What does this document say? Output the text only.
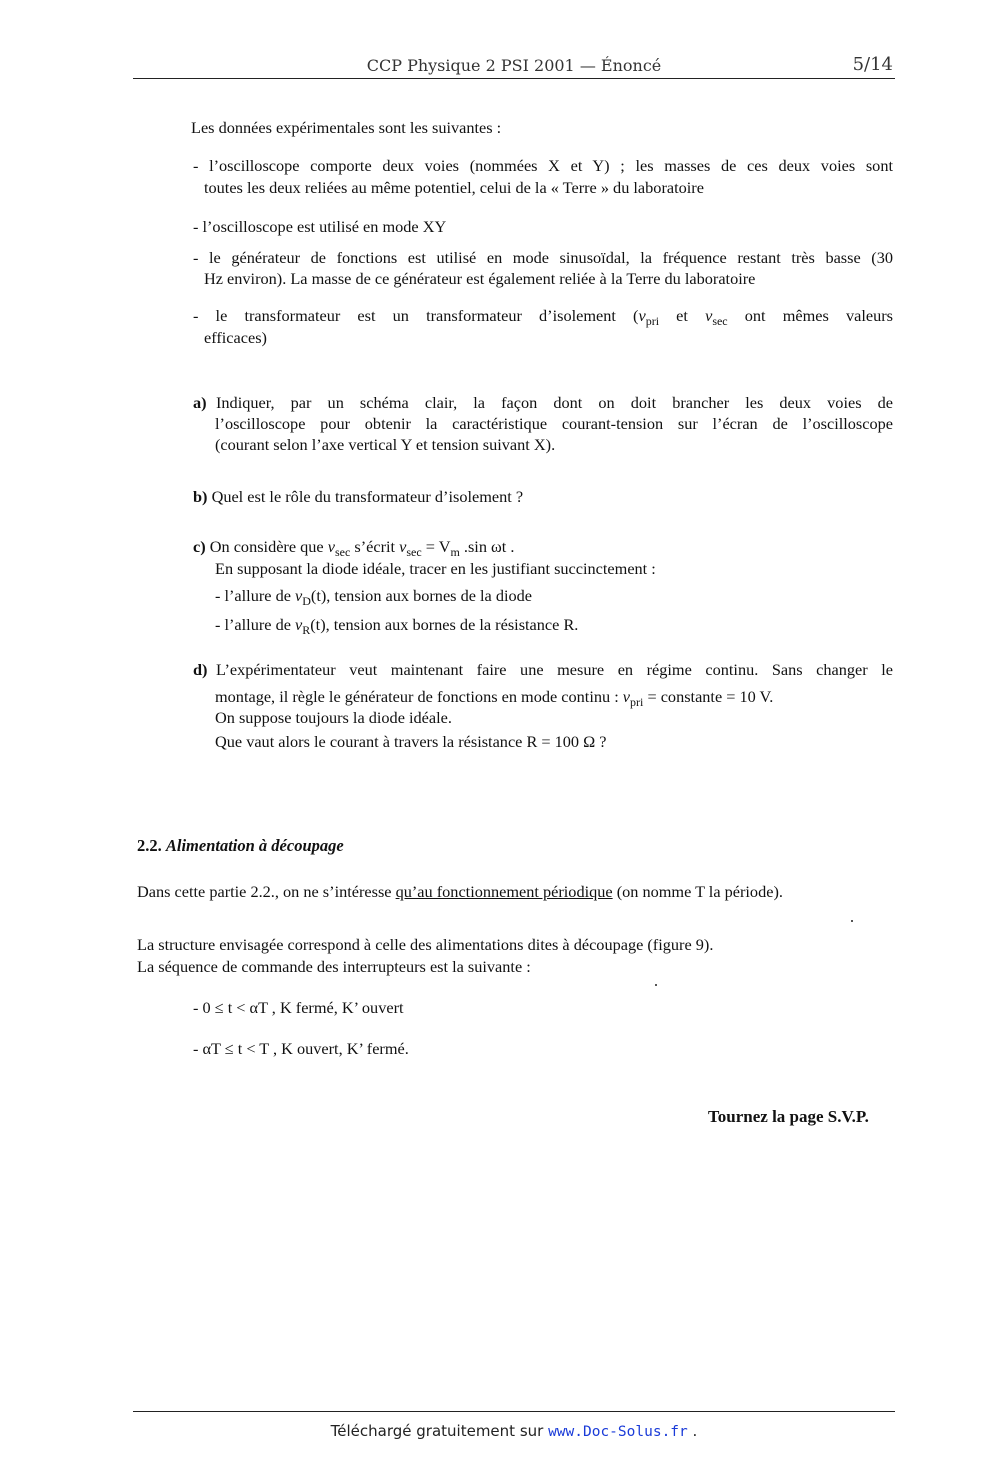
CCP Physique 2 PSI 2001 — Énoncé	5/14

Les données expérimentales sont les suivantes :

- l’oscilloscope comporte deux voies (nommées X et Y) ; les masses de ces deux voies sont

toutes les deux reliées au même potentiel, celui de la « Terre » du laboratoire

- l’oscilloscope est utilisé en mode XY

- le générateur de fonctions est utilisé en mode sinusoïdal, la fréquence restant très basse (30

Hz environ). La masse de ce générateur est également reliée à la Terre du laboratoire

- le transformateur est un transformateur d’isolement ($v_{pri}$ et $v_{sec}$ ont mêmes valeurs

efficaces)

a) Indiquer, par un schéma clair, la façon dont on doit brancher les deux voies de

l’oscilloscope pour obtenir la caractéristique courant-tension sur l’écran de l’oscilloscope

(courant selon l’axe vertical Y et tension suivant X).

b) Quel est le rôle du transformateur d’isolement ?

c) On considère que $v_{sec}$ s’écrit $v_{sec} = V_m$ .sin ωt .

En supposant la diode idéale, tracer en les justifiant succinctement :

- l’allure de $v_D(t)$, tension aux bornes de la diode

- l’allure de $v_R(t)$, tension aux bornes de la résistance R.

d) L’expérimentateur veut maintenant faire une mesure en régime continu. Sans changer le

montage, il règle le générateur de fonctions en mode continu : $v_{pri}$ = constante = 10 V.

On suppose toujours la diode idéale.

Que vaut alors le courant à travers la résistance R = 100 Ω ?

2.2. Alimentation à découpage

Dans cette partie 2.2., on ne s’intéresse qu’au fonctionnement périodique (on nomme T la période).

La structure envisagée correspond à celle des alimentations dites à découpage (figure 9).

La séquence de commande des interrupteurs est la suivante :

- 0 ≤ t < αT , K fermé, K’ ouvert

- αT ≤ t < T , K ouvert, K’ fermé.

Tournez la page S.V.P.

Téléchargé gratuitement sur www.Doc-Solus.fr .
